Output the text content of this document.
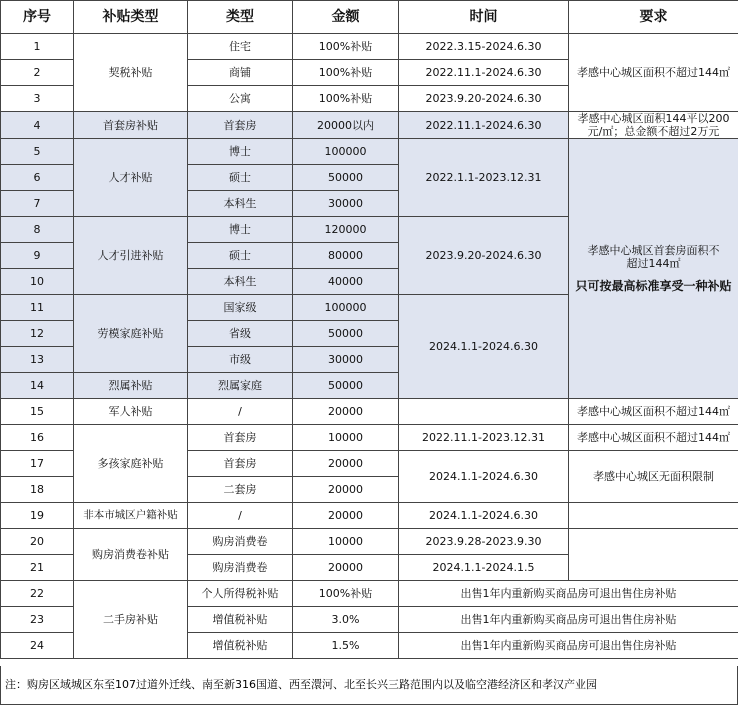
序号	补贴类型	类型	金额	时间	要求
1	契税补贴	住宅	100%补贴	2022.3.15-2024.6.30	孝感中心城区面积不超过144㎡
2		商铺	100%补贴	2022.11.1-2024.6.30	
3		公寓	100%补贴	2023.9.20-2024.6.30	
4	首套房补贴	首套房	20000以内	2022.11.1-2024.6.30	孝感中心城区面积144平以200元/㎡；总金额不超过2万元
5	人才补贴	博士	100000	2022.1.1-2023.12.31	孝感中心城区首套房面积不超过144㎡
只可按最高标准享受一种补贴

6		硕士	50000		
7		本科生	30000		
8	人才引进补贴	博士	120000	2023.9.20-2024.6.30	
9		硕士	80000		
10		本科生	40000		
11	劳模家庭补贴	国家级	100000	2024.1.1-2024.6.30	
12		省级	50000		
13		市级	30000		
14	烈属补贴	烈属家庭	50000		
15	军人补贴	/	20000		孝感中心城区面积不超过144㎡
16	多孩家庭补贴	首套房	10000	2022.11.1-2023.12.31	孝感中心城区面积不超过144㎡
17		首套房	20000	2024.1.1-2024.6.30	孝感中心城区无面积限制
18		二套房	20000		
19	非本市城区户籍补贴	/	20000	2024.1.1-2024.6.30	
20	购房消费卷补贴	购房消费卷	10000	2023.9.28-2023.9.30	
21		购房消费卷	20000	2024.1.1-2024.1.5	
22	二手房补贴	个人所得税补贴	100%补贴	出售1年内重新购买商品房可退出售住房补贴	
23		增值税补贴	3.0%	出售1年内重新购买商品房可退出售住房补贴	
24		增值税补贴	1.5%	出售1年内重新购买商品房可退出售住房补贴	
注：购房区域城区东至107过道外迁线、南至新316国道、西至澴河、北至长兴三路范围内以及临空港经济区和孝汉产业园
